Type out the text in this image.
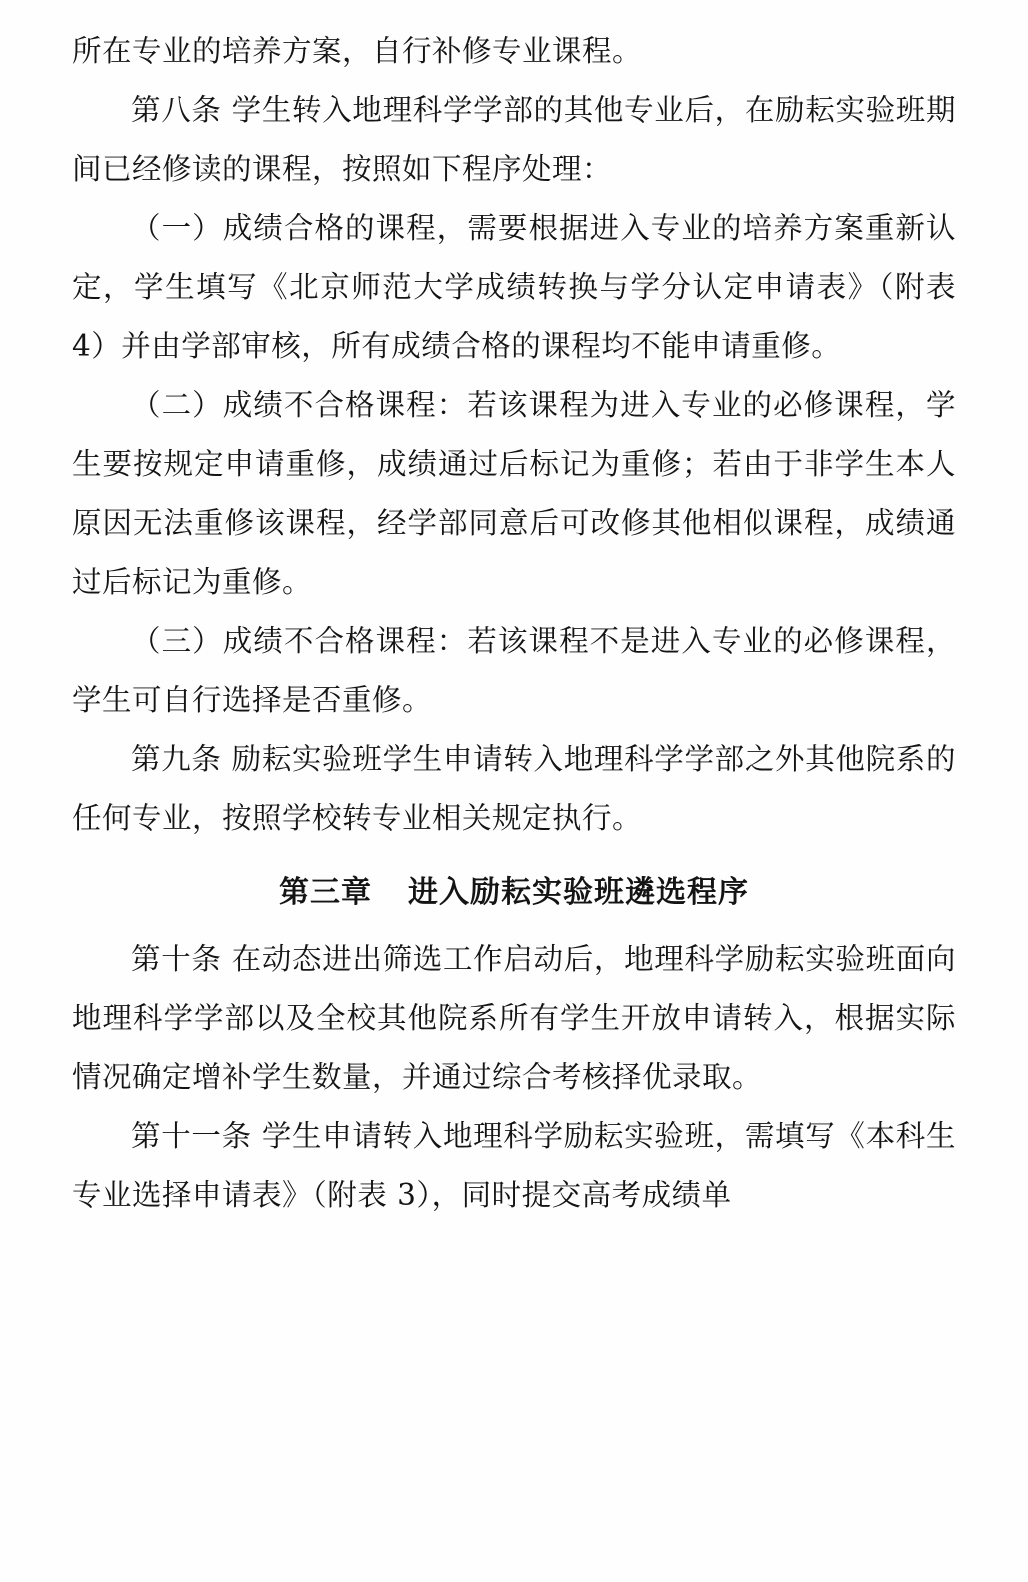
所在专业的培养方案，自行补修专业课程。

第八条 学生转入地理科学学部的其他专业后，在励耘实验班期间已经修读的课程，按照如下程序处理：

（一）成绩合格的课程，需要根据进入专业的培养方案重新认定，学生填写《北京师范大学成绩转换与学分认定申请表》（附表 4）并由学部审核，所有成绩合格的课程均不能申请重修。

（二）成绩不合格课程：若该课程为进入专业的必修课程，学生要按规定申请重修，成绩通过后标记为重修；若由于非学生本人原因无法重修该课程，经学部同意后可改修其他相似课程，成绩通过后标记为重修。

（三）成绩不合格课程：若该课程不是进入专业的必修课程，学生可自行选择是否重修。

第九条 励耘实验班学生申请转入地理科学学部之外其他院系的任何专业，按照学校转专业相关规定执行。

第三章 进入励耘实验班遴选程序

第十条 在动态进出筛选工作启动后，地理科学励耘实验班面向地理科学学部以及全校其他院系所有学生开放申请转入，根据实际情况确定增补学生数量，并通过综合考核择优录取。

第十一条 学生申请转入地理科学励耘实验班，需填写《本科生专业选择申请表》（附表 3），同时提交高考成绩单
